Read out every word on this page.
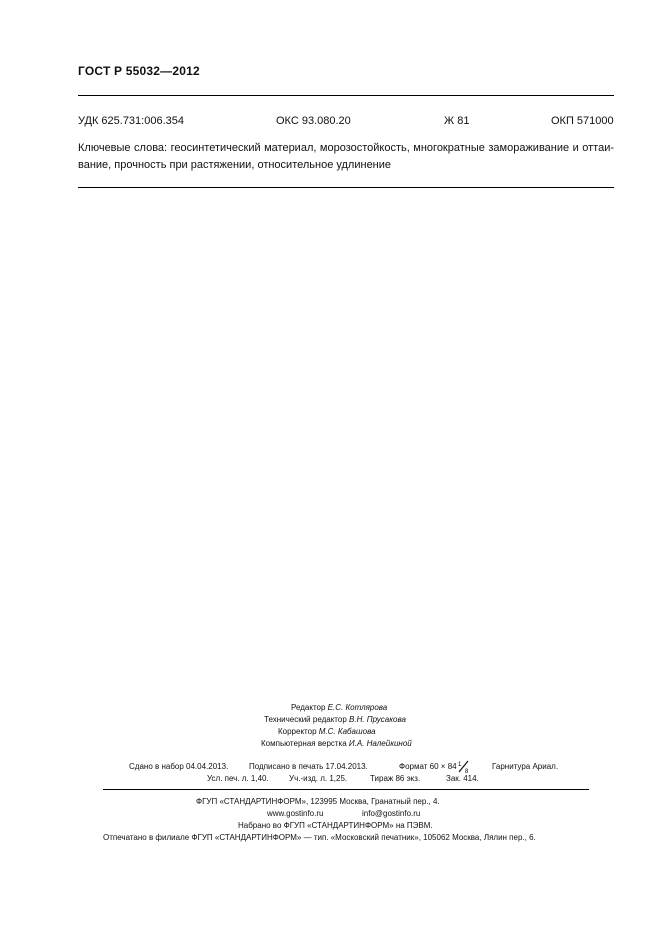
ГОСТ Р 55032—2012
УДК 625.731:006.354	ОКС 93.080.20	Ж 81	ОКП 571000
Ключевые слова: геосинтетический материал, морозостойкость, многократные замораживание и оттаи-
вание, прочность при растяжении, относительное удлинение
Редактор Е.С. Котлярова
Технический редактор В.Н. Прусакова
Корректор М.С. Кабашова
Компьютерная верстка И.А. Налейкиной
Сдано в набор 04.04.2013.	Подписано в печать 17.04.2013.	Формат 60 × 84 1
8
Гарнитура Ариал.
Усл. печ. л. 1,40.	Уч.-изд. л. 1,25.	Тираж 86 экз.	Зак. 414.
ФГУП «СТАНДАРТИНФОРМ», 123995 Москва, Гранатный пер., 4.
www.gostinfo.ru	info@gostinfo.ru
Набрано во ФГУП «СТАНДАРТИНФОРМ» на ПЭВМ.
Отпечатано в филиале ФГУП «СТАНДАРТИНФОРМ» — тип. «Московский печатник», 105062 Москва, Лялин пер., 6.
